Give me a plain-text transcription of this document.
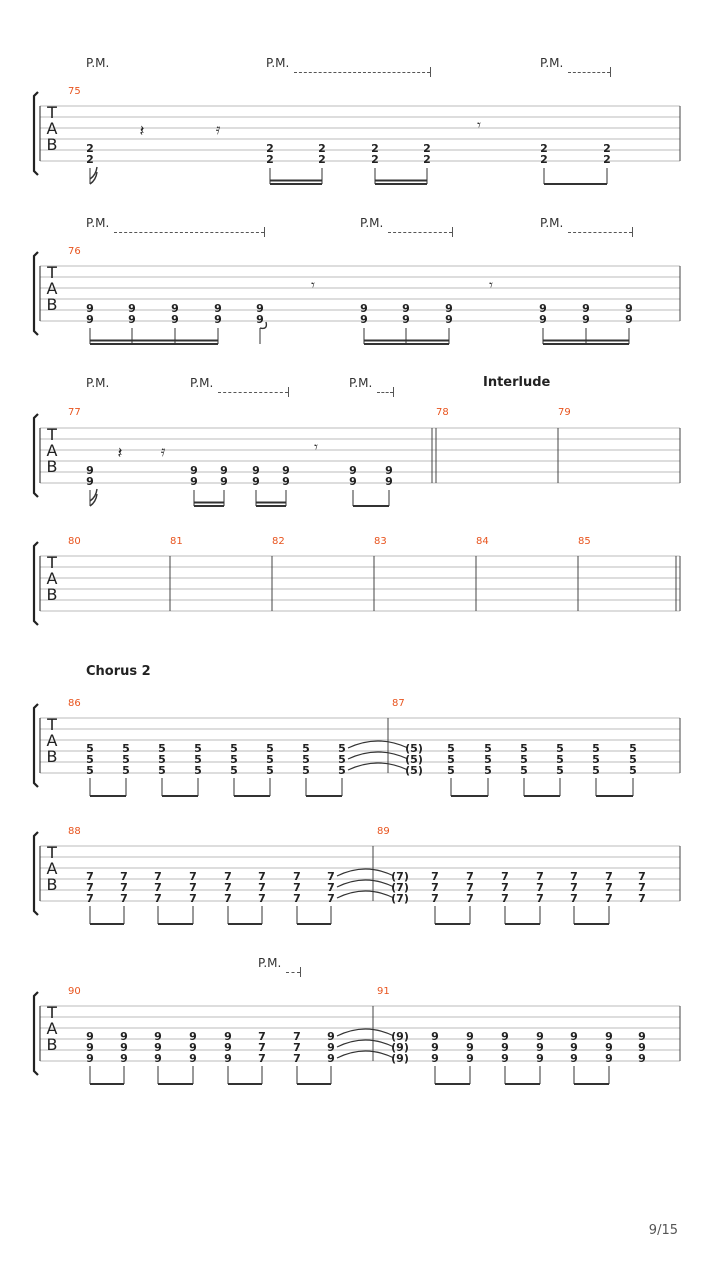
P.M.	P.M.	P.M.
P.M.	P.M.	P.M.
P.M.	P.M.	P.M.	Interlude
Chorus 2
P.M.
T
A
B
75
2
2
2
2
2
2
2
2
2
2
2
2
2
2
𝄽	𝄿	𝄾
T
A
B
76
9
9
9
9
9
9
9
9
9
9
9
9
9
9
9
9
9
9
9
9
9
9
𝄾	𝄾
T
A
B
77	78	79
9
9
9
9
9
9
9
9
9
9
9
9
9
9
𝄽	𝄿	𝄾
T
A
B
80	81	82	83	84	85
T
A
B
86	87
5
5
5
5
5
5
5
5
5
5
5
5
5
5
5
5
5
5
5
5
5
5
5
5
(5)
(5)
(5)
5
5
5
5
5
5
5
5
5
5
5
5
5
5
5
5
5
5
T
A
B
88	89
7
7
7
7
7
7
7
7
7
7
7
7
7
7
7
7
7
7
7
7
7
7
7
7
(7)
(7)
(7)
7
7
7
7
7
7
7
7
7
7
7
7
7
7
7
7
7
7
7
7
7
T
A
B
90	91
9
9
9
9
9
9
9
9
9
9
9
9
9
9
9
7
7
7
7
7
7
9
9
9
(9)
(9)
(9)
9
9
9
9
9
9
9
9
9
9
9
9
9
9
9
9
9
9
9
9
9
9/15
